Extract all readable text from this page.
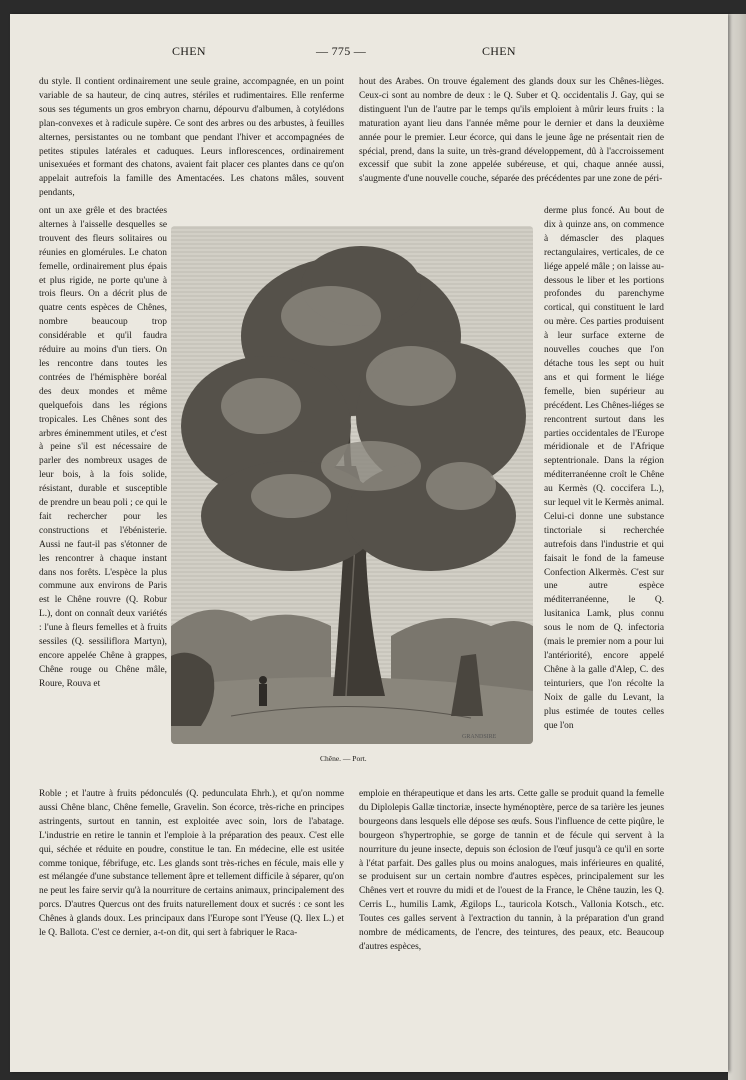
CHEN	— 775 —	CHEN

du style. Il contient ordinairement une seule graine, accompagnée, en un point variable de sa hauteur, de cinq autres, stériles et rudimentaires. Elle renferme sous ses téguments un gros embryon charnu, dépourvu d'albumen, à cotylédons plan-convexes et à radicule supère. Ce sont des arbres ou des arbustes, à feuilles alternes, persistantes ou ne tombant que pendant l'hiver et accompagnées de petites stipules latérales et caduques. Leurs inflorescences, ordinairement unisexuées et formant des chatons, avaient fait placer ces plantes dans ce qu'on appelait autrefois la famille des Amentacées. Les chatons mâles, souvent pendants,

hout des Arabes. On trouve également des glands doux sur les Chênes-lièges. Ceux-ci sont au nombre de deux : le Q. Suber et Q. occidentalis J. Gay, qui se distinguent l'un de l'autre par le temps qu'ils emploient à mûrir leurs fruits : la maturation ayant lieu dans l'année même pour le dernier et dans la deuxième année pour le premier. Leur écorce, qui dans le jeune âge ne présentait rien de spécial, prend, dans la suite, un très-grand développement, dû à l'accroissement excessif que subit la zone appelée subéreuse, et qui, chaque année aussi, s'augmente d'une nouvelle couche, séparée des précédentes par une zone de péri-

ont un axe grêle et des bractées alternes à l'aisselle desquelles se trouvent des fleurs solitaires ou réunies en glomérules. Le chaton femelle, ordinairement plus épais et plus rigide, ne porte qu'une à trois fleurs. On a décrit plus de quatre cents espèces de Chênes, nombre beaucoup trop considérable et qu'il faudra réduire au moins d'un tiers. On les rencontre dans toutes les contrées de l'hémisphère boréal des deux mondes et même quelquefois dans les régions tropicales. Les Chênes sont des arbres éminemment utiles, et c'est à peine s'il est nécessaire de parler des nombreux usages de leur bois, à la fois solide, résistant, durable et susceptible de prendre un beau poli ; ce qui le fait rechercher pour les constructions et l'ébénisterie. Aussi ne faut-il pas s'étonner de les rencontrer à chaque instant dans nos forêts. L'espèce la plus commune aux environs de Paris est le Chêne rouvre (Q. Robur L.), dont on connaît deux variétés : l'une à fleurs femelles et à fruits sessiles (Q. sessiliflora Martyn), encore appelée Chêne à grappes, Chêne rouge ou Chêne mâle, Roure, Rouva et

derme plus foncé. Au bout de dix à quinze ans, on commence à démascler des plaques rectangulaires, verticales, de ce liége appelé mâle ; on laisse au-dessous le liber et les portions profondes du parenchyme cortical, qui constituent le lard ou mère. Ces parties produisent à leur surface externe de nouvelles couches que l'on détache tous les sept ou huit ans et qui forment le liége femelle, bien supérieur au précédent. Les Chênes-liéges se rencontrent surtout dans les parties occidentales de l'Europe méridionale et de l'Afrique septentrionale. Dans la région méditerranéenne croît le Chêne au Kermès (Q. coccifera L.), sur lequel vit le Kermès animal. Celui-ci donne une substance tinctoriale si recherchée autrefois dans l'industrie et qui faisait le fond de la fameuse Confection Alkermès. C'est sur une autre espèce méditerranéenne, le Q. lusitanica Lamk, plus connu sous le nom de Q. infectoria (mais le premier nom a pour lui l'antériorité), encore appelé Chêne à la galle d'Alep, C. des teinturiers, que l'on récolte la Noix de galle du Levant, la plus estimée de toutes celles que l'on

GRANDSIRE
Chêne. — Port.

Roble ; et l'autre à fruits pédonculés (Q. pedunculata Ehrh.), et qu'on nomme aussi Chêne blanc, Chêne femelle, Gravelin. Son écorce, très-riche en principes astringents, surtout en tannin, est exploitée avec soin, lors de l'abatage. L'industrie en retire le tannin et l'emploie à la préparation des peaux. C'est elle qui, séchée et réduite en poudre, constitue le tan. En médecine, elle est usitée comme tonique, fébrifuge, etc. Les glands sont très-riches en fécule, mais elle y est mélangée d'une substance tellement âpre et tellement difficile à séparer, qu'on ne peut les faire servir qu'à la nourriture de certains animaux, principalement des porcs. D'autres Quercus ont des fruits naturellement doux et sucrés : ce sont les Chênes à glands doux. Les principaux dans l'Europe sont l'Yeuse (Q. Ilex L.) et le Q. Ballota. C'est ce dernier, a-t-on dit, qui sert à fabriquer le Raca-

emploie en thérapeutique et dans les arts. Cette galle se produit quand la femelle du Diplolepis Gallæ tinctoriæ, insecte hyménoptère, perce de sa tarière les jeunes bourgeons dans lesquels elle dépose ses œufs. Sous l'influence de cette piqûre, le bourgeon s'hypertrophie, se gorge de tannin et de fécule qui servent à la nourriture du jeune insecte, depuis son éclosion de l'œuf jusqu'à ce qu'il en sorte à l'état parfait. Des galles plus ou moins analogues, mais inférieures en qualité, se produisent sur un certain nombre d'autres espèces, principalement sur les Chênes vert et rouvre du midi et de l'ouest de la France, le Chêne tauzin, les Q. Cerris L., humilis Lamk, Ægilops L., tauricola Kotsch., Vallonia Kotsch., etc. Toutes ces galles servent à l'extraction du tannin, à la préparation d'un grand nombre de médicaments, de l'encre, des teintures, des peaux, etc. Beaucoup d'autres espèces,
